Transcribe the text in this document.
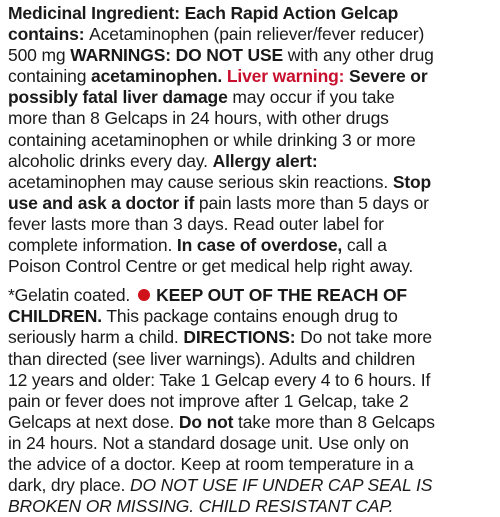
Medicinal Ingredient: Each Rapid Action Gelcap
contains: Acetaminophen (pain reliever/fever reducer)
500 mg WARNINGS: DO NOT USE with any other drug
containing acetaminophen. Liver warning: Severe or
possibly fatal liver damage may occur if you take
more than 8 Gelcaps in 24 hours, with other drugs
containing acetaminophen or while drinking 3 or more
alcoholic drinks every day. Allergy alert:
acetaminophen may cause serious skin reactions. Stop
use and ask a doctor if pain lasts more than 5 days or
fever lasts more than 3 days. Read outer label for
complete information. In case of overdose, call a
Poison Control Centre or get medical help right away.
*Gelatin coated. KEEP OUT OF THE REACH OF
CHILDREN. This package contains enough drug to
seriously harm a child. DIRECTIONS: Do not take more
than directed (see liver warnings). Adults and children
12 years and older: Take 1 Gelcap every 4 to 6 hours. If
pain or fever does not improve after 1 Gelcap, take 2
Gelcaps at next dose. Do not take more than 8 Gelcaps
in 24 hours. Not a standard dosage unit. Use only on
the advice of a doctor. Keep at room temperature in a
dark, dry place. DO NOT USE IF UNDER CAP SEAL IS
BROKEN OR MISSING. CHILD RESISTANT CAP.
